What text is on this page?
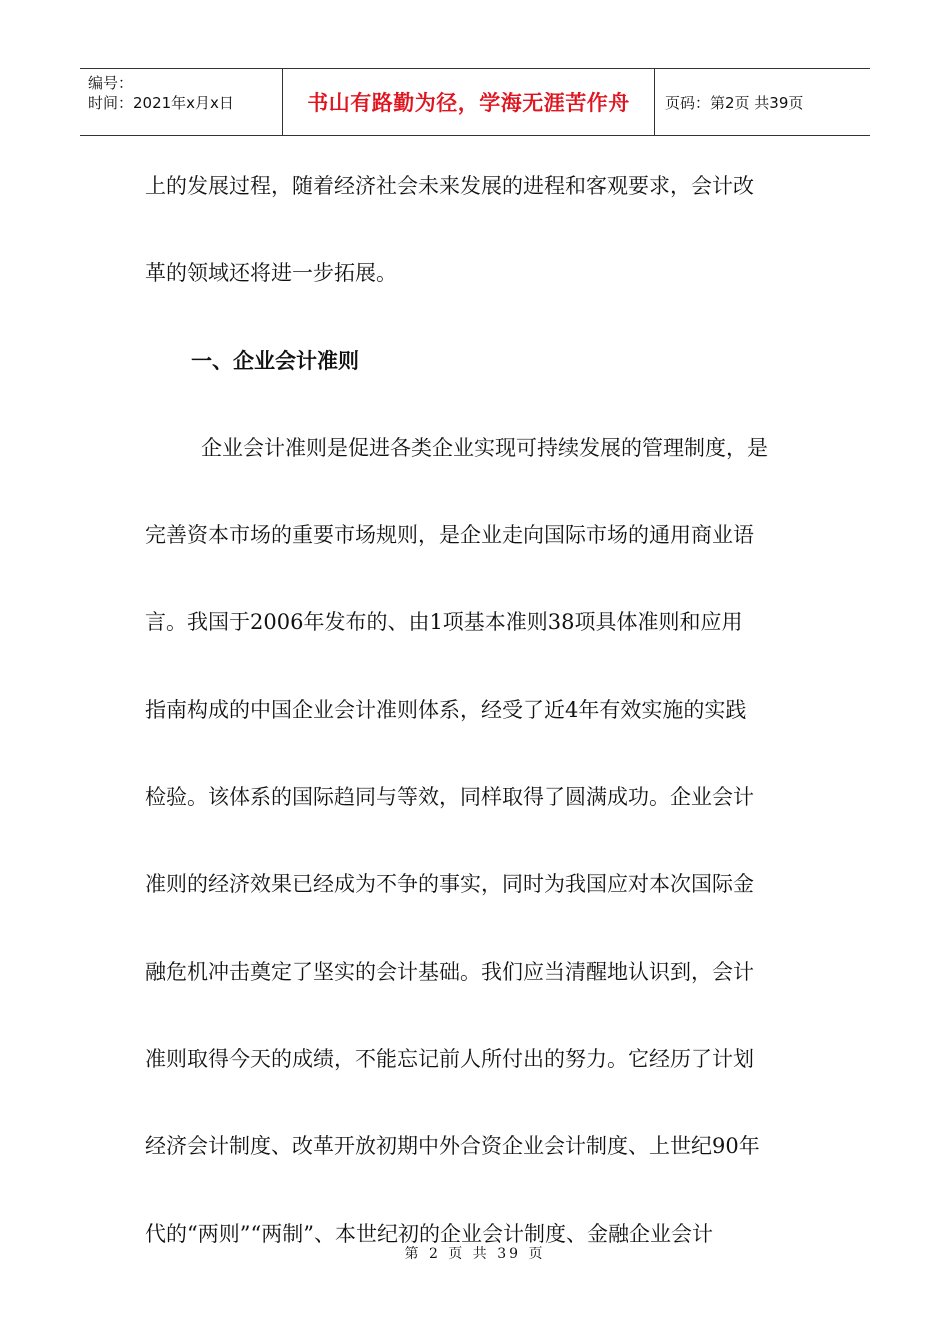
编号：
时间：2021年x月x日	书山有路勤为径，学海无涯苦作舟 页码：第2页 共39页
上的发展过程，随着经济社会未来发展的进程和客观要求，会计改
革的领域还将进一步拓展。
一、企业会计准则
企业会计准则是促进各类企业实现可持续发展的管理制度，是
完善资本市场的重要市场规则，是企业走向国际市场的通用商业语
言。我国于2006年发布的、由1项基本准则38项具体准则和应用
指南构成的中国企业会计准则体系，经受了近4年有效实施的实践
检验。该体系的国际趋同与等效，同样取得了圆满成功。企业会计
准则的经济效果已经成为不争的事实，同时为我国应对本次国际金
融危机冲击奠定了坚实的会计基础。我们应当清醒地认识到，会计
准则取得今天的成绩，不能忘记前人所付出的努力。它经历了计划
经济会计制度、改革开放初期中外合资企业会计制度、上世纪90年
代的“两则”“两制”、本世纪初的企业会计制度、金融企业会计
第 2 页 共 39 页
